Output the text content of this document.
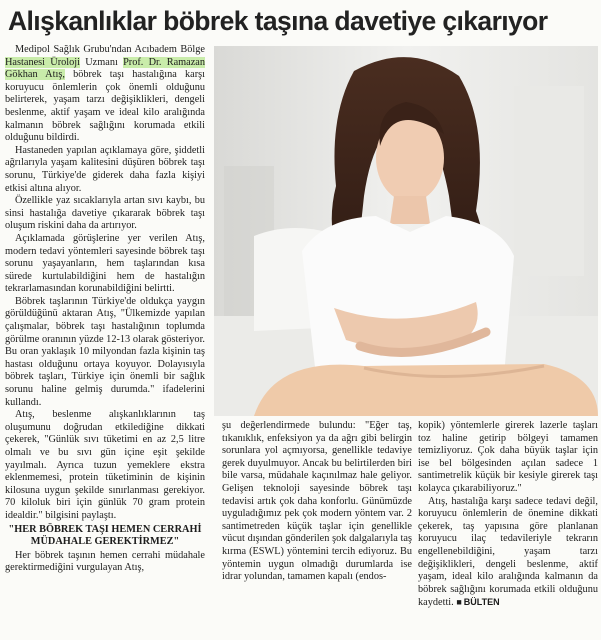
Alışkanlıklar böbrek taşına davetiye çıkarıyor

Medipol Sağlık Grubu'ndan Acıbadem Bölge Hastanesi Üroloji Uzmanı Prof. Dr. Ramazan Gökhan Atış, böbrek taşı hastalığına karşı koruyucu önlemlerin çok önemli olduğunu belirterek, yaşam tarzı değişiklikleri, dengeli beslenme, aktif yaşam ve ideal kilo aralığında kalmanın böbrek sağlığını korumada etkili olduğunu bildirdi.

Hastaneden yapılan açıklamaya göre, şiddetli ağrılarıyla yaşam kalitesini düşüren böbrek taşı sorunu, Türkiye'de giderek daha fazla kişiyi etkisi altına alıyor.

Özellikle yaz sıcaklarıyla artan sıvı kaybı, bu sinsi hastalığa davetiye çıkararak böbrek taşı oluşum riskini daha da artırıyor.

Açıklamada görüşlerine yer verilen Atış, modern tedavi yöntemleri sayesinde böbrek taşı sorunu yaşayanların, hem taşlarından kısa sürede kurtulabildiğini hem de hastalığın tekrarlamasından korunabildiğini belirtti.

Böbrek taşlarının Türkiye'de oldukça yaygın görüldüğünü aktaran Atış, "Ülkemizde yapılan çalışmalar, böbrek taşı hastalığının toplumda görülme oranının yüzde 12-13 olarak gösteriyor. Bu oran yaklaşık 10 milyondan fazla kişinin taş hastası olduğunu ortaya koyuyor. Dolayısıyla böbrek taşları, Türkiye için önemli bir sağlık sorunu haline gelmiş durumda." ifadelerini kullandı.

Atış, beslenme alışkanlıklarının taş oluşumunu doğrudan etkilediğine dikkati çekerek, "Günlük sıvı tüketimi en az 2,5 litre olmalı ve bu sıvı gün içine eşit şekilde yayılmalı. Ayrıca tuzun yemeklere ekstra eklenmemesi, protein tüketiminin de kişinin kilosuna uygun şekilde sınırlanması gerekiyor. 70 kiloluk biri için günlük 70 gram protein idealdir." bilgisini paylaştı.

"HER BÖBREK TAŞI HEMEN CERRAHİ MÜDAHALE GEREKTİRMEZ"

Her böbrek taşının hemen cerrahi müdahale gerektirmediğini vurgulayan Atış,

şu değerlendirmede bulundu: "Eğer taş, tıkanıklık, enfeksiyon ya da ağrı gibi belirgin sorunlara yol açmıyorsa, genellikle tedaviye gerek duyulmuyor. Ancak bu belirtilerden biri bile varsa, müdahale kaçınılmaz hale geliyor. Gelişen teknoloji sayesinde böbrek taşı tedavisi artık çok daha konforlu. Günümüzde uyguladığımız pek çok modern yöntem var. 2 santimetreden küçük taşlar için genellikle vücut dışından gönderilen şok dalgalarıyla taş kırma (ESWL) yöntemini tercih ediyoruz. Bu yöntemin uygun olmadığı durumlarda ise idrar yolundan, tamamen kapalı (endos-

kopik) yöntemlerle girerek lazerle taşları toz haline getirip bölgeyi tamamen temizliyoruz. Çok daha büyük taşlar için ise bel bölgesinden açılan sadece 1 santimetrelik küçük bir kesiyle girerek taşı kolayca çıkarabiliyoruz."

Atış, hastalığa karşı sadece tedavi değil, koruyucu önlemlerin de önemine dikkati çekerek, taş yapısına göre planlanan koruyucu ilaç tedavileriyle tekrarın engellenebildiğini, yaşam tarzı değişiklikleri, dengeli beslenme, aktif yaşam, ideal kilo aralığında kalmanın da böbrek sağlığını korumada etkili olduğunu kaydetti. ■ BÜLTEN
